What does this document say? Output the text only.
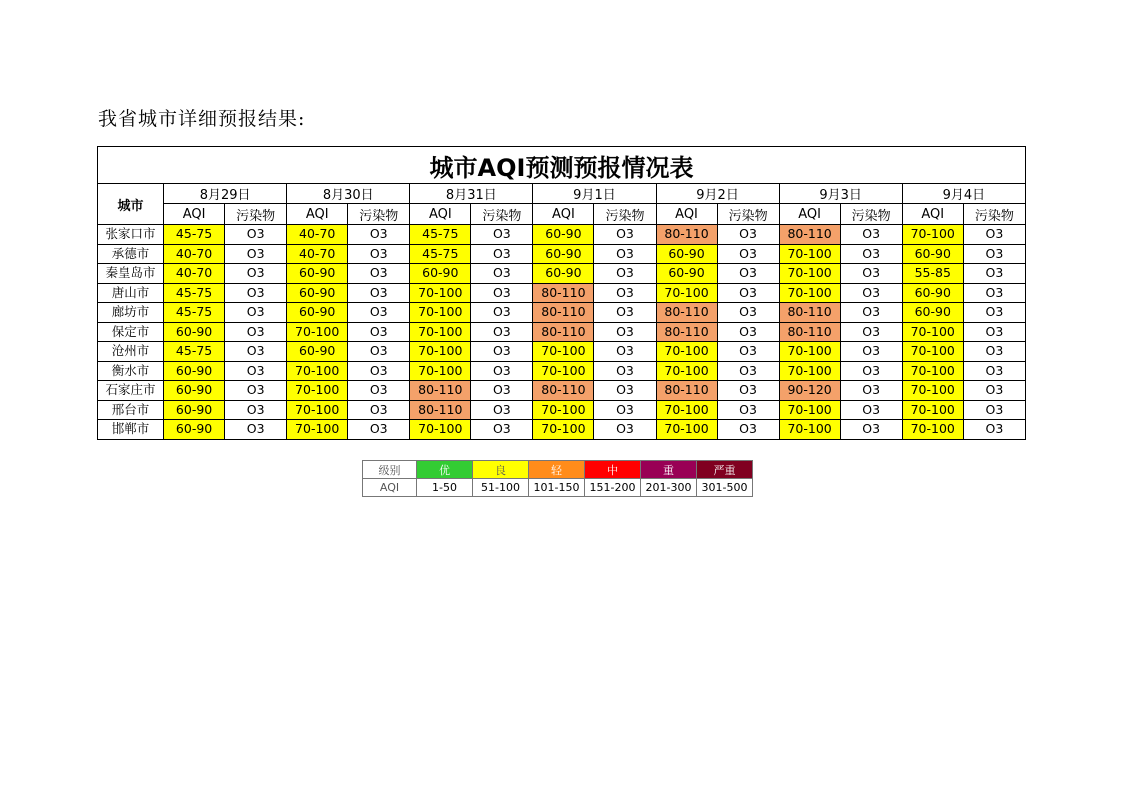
我省城市详细预报结果:
城市AQI预测预报情况表														
城市	8月29日		8月30日		8月31日		9月1日		9月2日		9月3日		9月4日	
	AQI	污染物	AQI	污染物	AQI	污染物	AQI	污染物	AQI	污染物	AQI	污染物	AQI	污染物
张家口市	45-75	O3	40-70	O3	45-75	O3	60-90	O3	80-110	O3	80-110	O3	70-100	O3
承德市	40-70	O3	40-70	O3	45-75	O3	60-90	O3	60-90	O3	70-100	O3	60-90	O3
秦皇岛市	40-70	O3	60-90	O3	60-90	O3	60-90	O3	60-90	O3	70-100	O3	55-85	O3
唐山市	45-75	O3	60-90	O3	70-100	O3	80-110	O3	70-100	O3	70-100	O3	60-90	O3
廊坊市	45-75	O3	60-90	O3	70-100	O3	80-110	O3	80-110	O3	80-110	O3	60-90	O3
保定市	60-90	O3	70-100	O3	70-100	O3	80-110	O3	80-110	O3	80-110	O3	70-100	O3
沧州市	45-75	O3	60-90	O3	70-100	O3	70-100	O3	70-100	O3	70-100	O3	70-100	O3
衡水市	60-90	O3	70-100	O3	70-100	O3	70-100	O3	70-100	O3	70-100	O3	70-100	O3
石家庄市	60-90	O3	70-100	O3	80-110	O3	80-110	O3	80-110	O3	90-120	O3	70-100	O3
邢台市	60-90	O3	70-100	O3	80-110	O3	70-100	O3	70-100	O3	70-100	O3	70-100	O3
邯郸市	60-90	O3	70-100	O3	70-100	O3	70-100	O3	70-100	O3	70-100	O3	70-100	O3
级别	优	良	轻	中	重	严重
AQI	1-50	51-100	101-150	151-200	201-300	301-500
